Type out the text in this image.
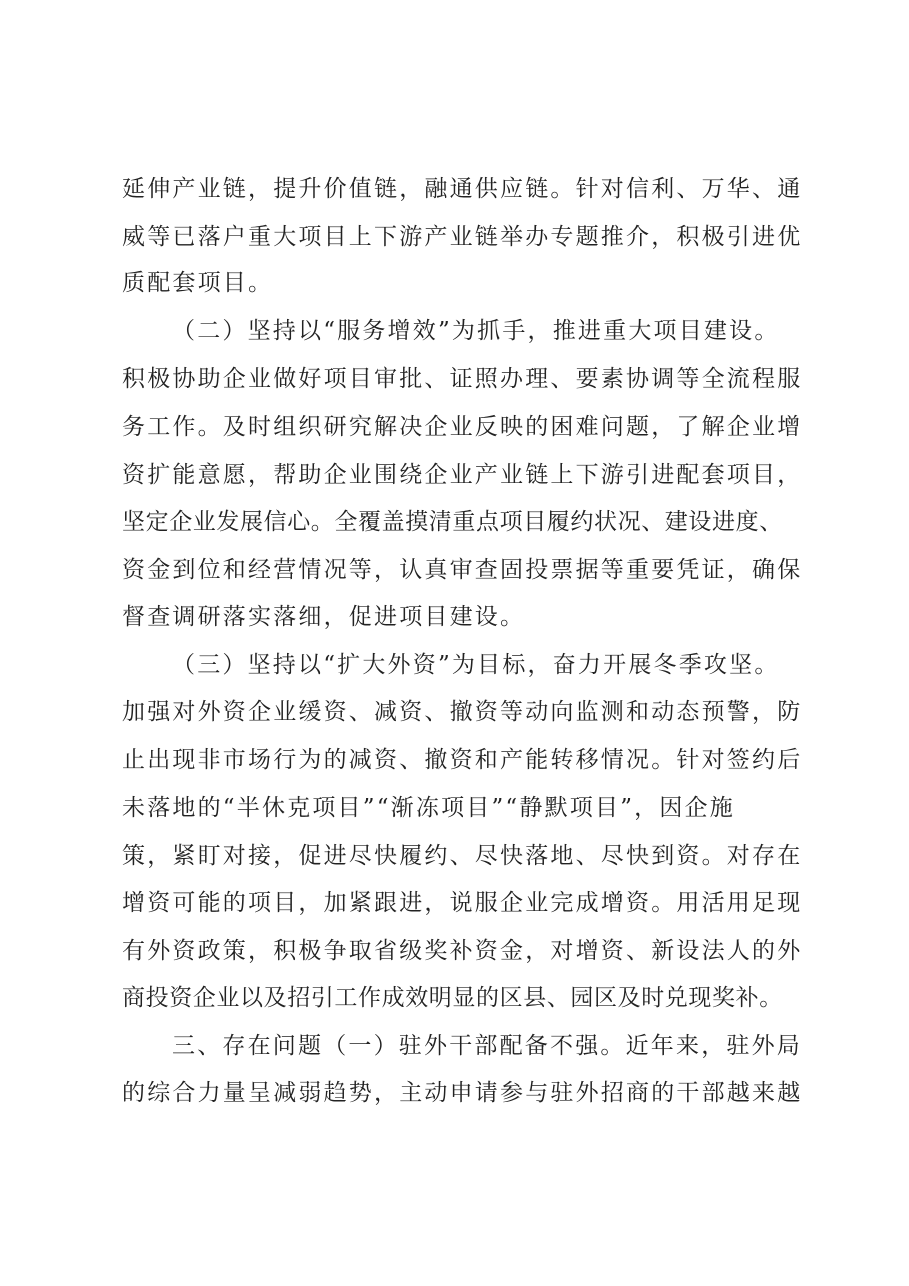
延伸产业链，提升价值链，融通供应链。针对信利、万华、通
威等已落户重大项目上下游产业链举办专题推介，积极引进优
质配套项目。
（二）坚持以“服务增效”为抓手，推进重大项目建设。
积极协助企业做好项目审批、证照办理、要素协调等全流程服
务工作。及时组织研究解决企业反映的困难问题，了解企业增
资扩能意愿，帮助企业围绕企业产业链上下游引进配套项目，
坚定企业发展信心。全覆盖摸清重点项目履约状况、建设进度、
资金到位和经营情况等，认真审查固投票据等重要凭证，确保
督查调研落实落细，促进项目建设。
（三）坚持以“扩大外资”为目标，奋力开展冬季攻坚。
加强对外资企业缓资、减资、撤资等动向监测和动态预警，防
止出现非市场行为的减资、撤资和产能转移情况。针对签约后
未落地的“半休克项目”“渐冻项目”“静默项目”，因企施
策，紧盯对接，促进尽快履约、尽快落地、尽快到资。对存在
增资可能的项目，加紧跟进，说服企业完成增资。用活用足现
有外资政策，积极争取省级奖补资金，对增资、新设法人的外
商投资企业以及招引工作成效明显的区县、园区及时兑现奖补。
三、存在问题（一）驻外干部配备不强。近年来，驻外局
的综合力量呈减弱趋势，主动申请参与驻外招商的干部越来越
